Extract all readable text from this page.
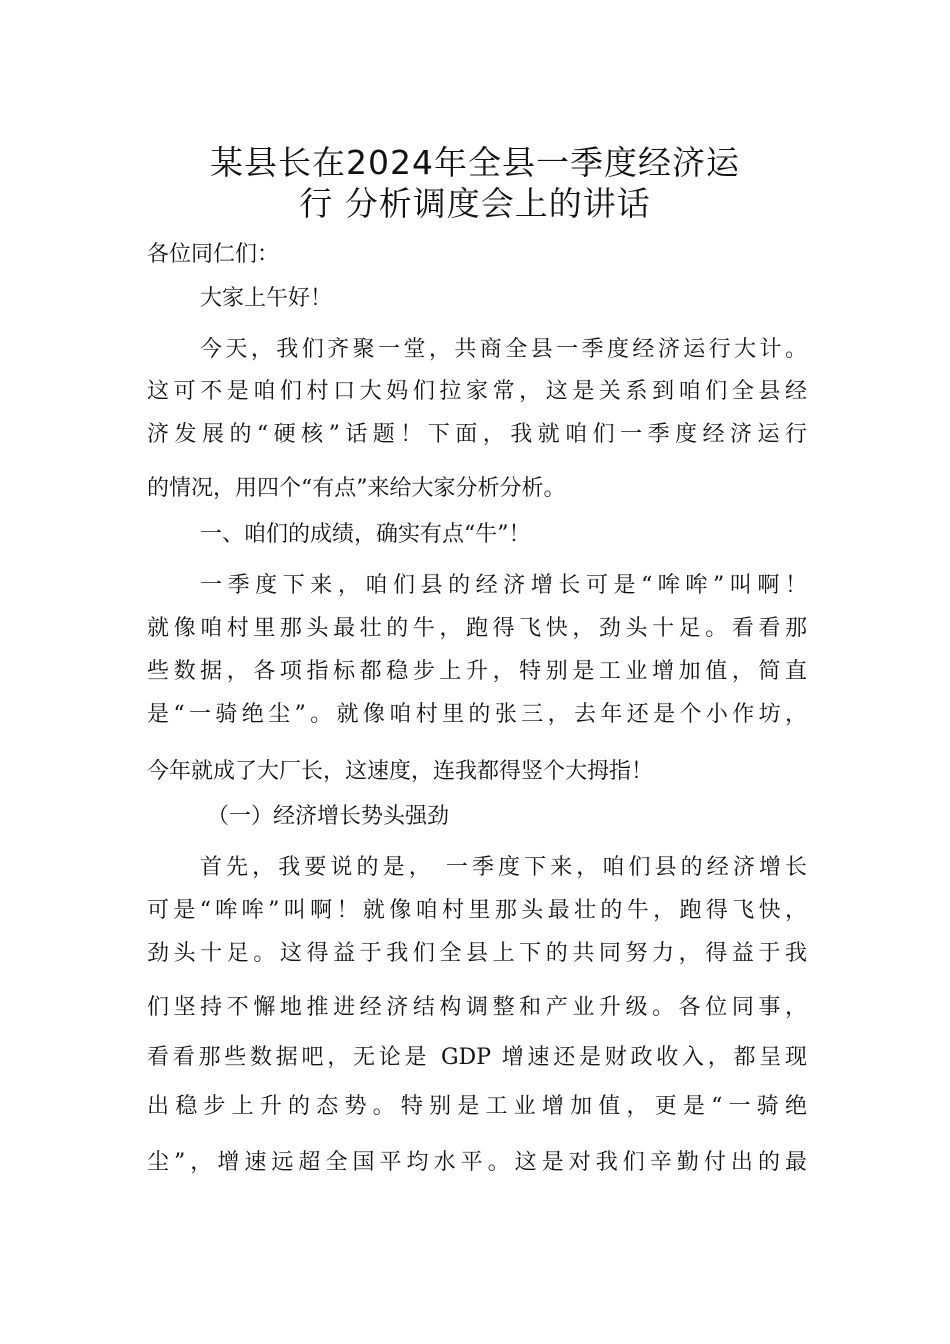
某县长在2024年全县一季度经济运
行 分析调度会上的讲话
各位同仁们：
大家上午好！
今天，我们齐聚一堂，共商全县一季度经济运行大计。
这可不是咱们村口大妈们拉家常，这是关系到咱们全县经
济发展的“硬核”话题！下面，我就咱们一季度经济运行
的情况，用四个“有点”来给大家分析分析。
一、咱们的成绩，确实有点“牛”！
一季度下来，咱们县的经济增长可是“哞哞”叫啊！
就像咱村里那头最壮的牛，跑得飞快，劲头十足。看看那
些数据，各项指标都稳步上升，特别是工业增加值，简直
是“一骑绝尘”。就像咱村里的张三，去年还是个小作坊，
今年就成了大厂长，这速度，连我都得竖个大拇指！
（一）经济增长势头强劲
首先，我要说的是， 一季度下来，咱们县的经济增长
可是“哞哞”叫啊！就像咱村里那头最壮的牛，跑得飞快，
劲头十足。这得益于我们全县上下的共同努力，得益于我
们坚持不懈地推进经济结构调整和产业升级。各位同事，
看看那些数据吧，无论是 GDP 增速还是财政收入，都呈现
出稳步上升的态势。特别是工业增加值，更是“一骑绝
尘”，增速远超全国平均水平。这是对我们辛勤付出的最
